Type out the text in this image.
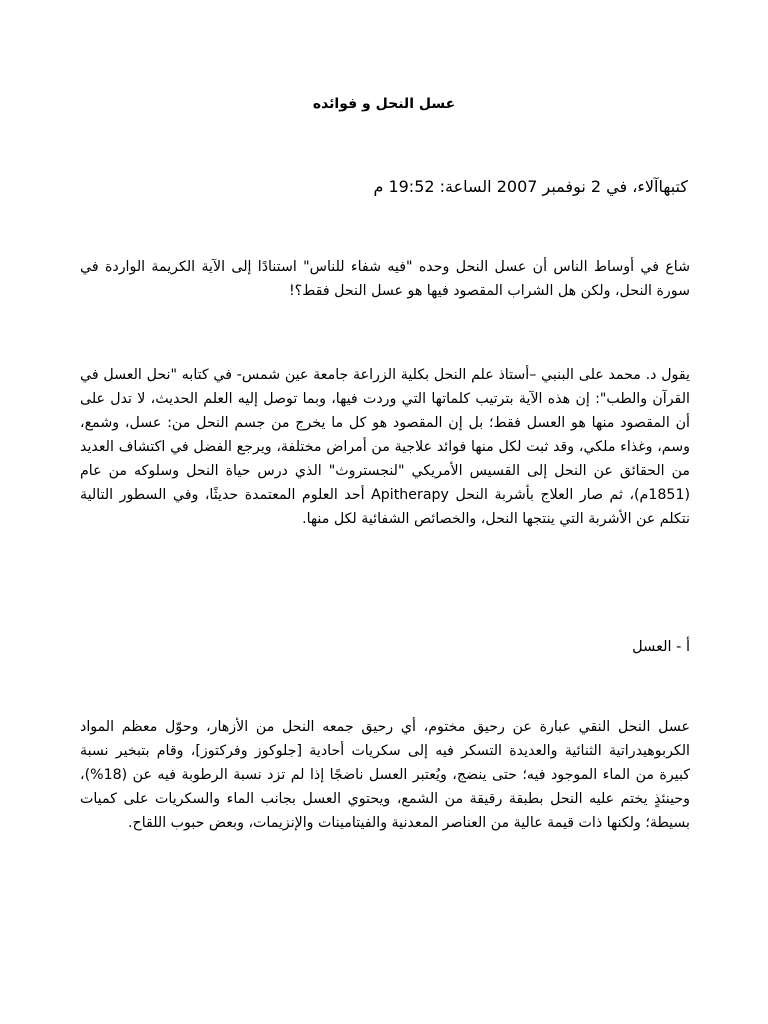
عسل النحل و فوائده
كتبهاآلاء، في 2 نوفمبر 2007 الساعة: 19:52 م

شاع في أوساط الناس أن عسل النحل وحده "فيه شفاء للناس" استنادًا إلى الآية الكريمة الواردة في سورة النحل، ولكن هل الشراب المقصود فيها هو عسل النحل فقط؟!

يقول د. محمد على البنبي –أستاذ علم النحل بكلية الزراعة جامعة عين شمس- في كتابه "نحل العسل في القرآن والطب": إن هذه الآية بترتيب كلماتها التي وردت فيها، وبما توصل إليه العلم الحديث، لا تدل على أن المقصود منها هو العسل فقط؛ بل إن المقصود هو كل ما يخرج من جسم النحل من: عسل، وشمع، وسم، وغذاء ملكي، وقد ثبت لكل منها فوائد علاجية من أمراض مختلفة، ويرجع الفضل في اكتشاف العديد من الحقائق عن النحل إلى القسيس الأمريكي "لنجستروث" الذي درس حياة النحل وسلوكه من عام (1851م)، ثم صار العلاج بأشربة النحل Apitherapy أحد العلوم المعتمدة حديثًا، وفي السطور التالية نتكلم عن الأشربة التي ينتجها النحل، والخصائص الشفائية لكل منها.

أ - العسل

عسل النحل النقي عبارة عن رحيق مختوم، أي رحيق جمعه النحل من الأزهار، وحوّل معظم المواد الكربوهيدراتية الثنائية والعديدة التسكر فيه إلى سكريات أحادية [جلوكوز وفركتوز]، وقام بتبخير نسبة كبيرة من الماء الموجود فيه؛ حتى ينضج، ويُعتبر العسل ناضجًا إذا لم تزد نسبة الرطوبة فيه عن (18%)، وحينئذٍ يختم عليه النحل بطبقة رقيقة من الشمع، ويحتوي العسل بجانب الماء والسكريات على كميات بسيطة؛ ولكنها ذات قيمة عالية من العناصر المعدنية والفيتامينات والإنزيمات، وبعض حبوب اللقاح.
